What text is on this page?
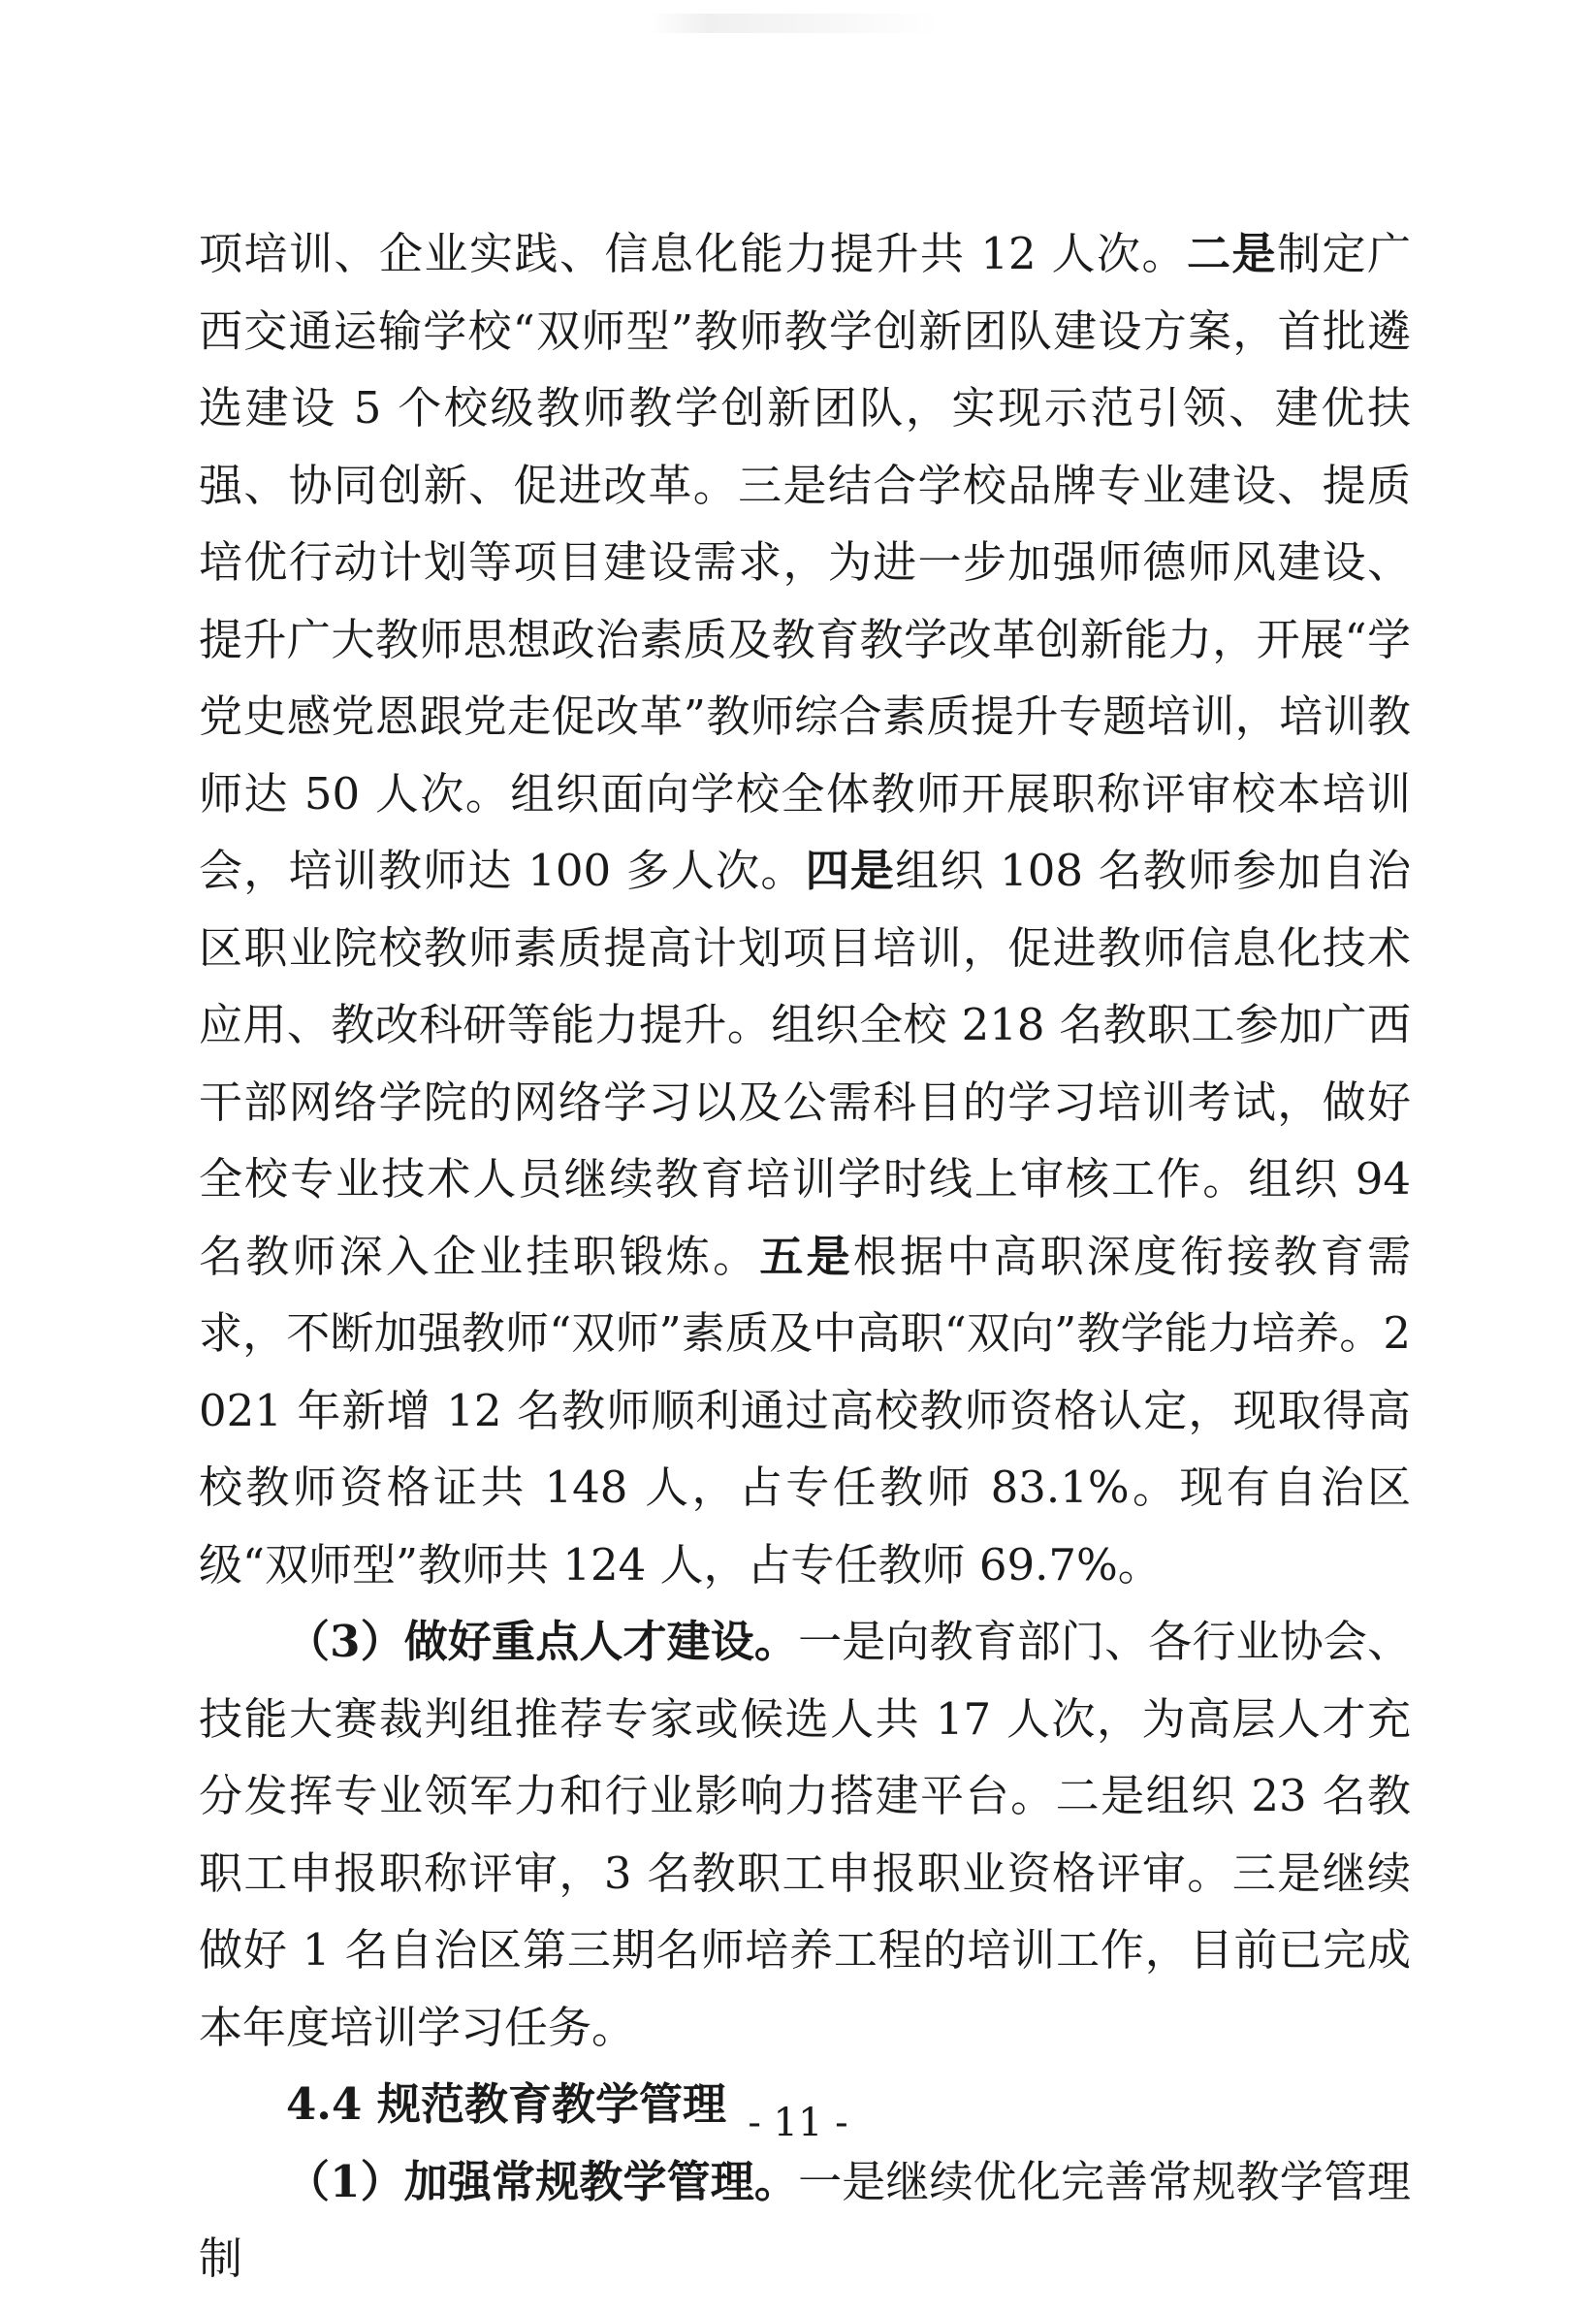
项培训、企业实践、信息化能力提升共 12 人次。二是制定广西交通运输学校“双师型”教师教学创新团队建设方案，首批遴选建设 5 个校级教师教学创新团队，实现示范引领、建优扶强、协同创新、促进改革。三是结合学校品牌专业建设、提质培优行动计划等项目建设需求，为进一步加强师德师风建设、提升广大教师思想政治素质及教育教学改革创新能力，开展“学党史感党恩跟党走促改革”教师综合素质提升专题培训，培训教师达 50 人次。组织面向学校全体教师开展职称评审校本培训会，培训教师达 100 多人次。四是组织 108 名教师参加自治区职业院校教师素质提高计划项目培训，促进教师信息化技术应用、教改科研等能力提升。组织全校 218 名教职工参加广西干部网络学院的网络学习以及公需科目的学习培训考试，做好全校专业技术人员继续教育培训学时线上审核工作。组织 94 名教师深入企业挂职锻炼。五是根据中高职深度衔接教育需求，不断加强教师“双师”素质及中高职“双向”教学能力培养。2021 年新增 12 名教师顺利通过高校教师资格认定，现取得高校教师资格证共 148 人，占专任教师 83.1%。现有自治区级“双师型”教师共 124 人，占专任教师 69.7%。

（3）做好重点人才建设。一是向教育部门、各行业协会、技能大赛裁判组推荐专家或候选人共 17 人次，为高层人才充分发挥专业领军力和行业影响力搭建平台。二是组织 23 名教职工申报职称评审，3 名教职工申报职业资格评审。三是继续做好 1 名自治区第三期名师培养工程的培训工作，目前已完成本年度培训学习任务。

4.4 规范教育教学管理

（1）加强常规教学管理。一是继续优化完善常规教学管理制

- 11 -
